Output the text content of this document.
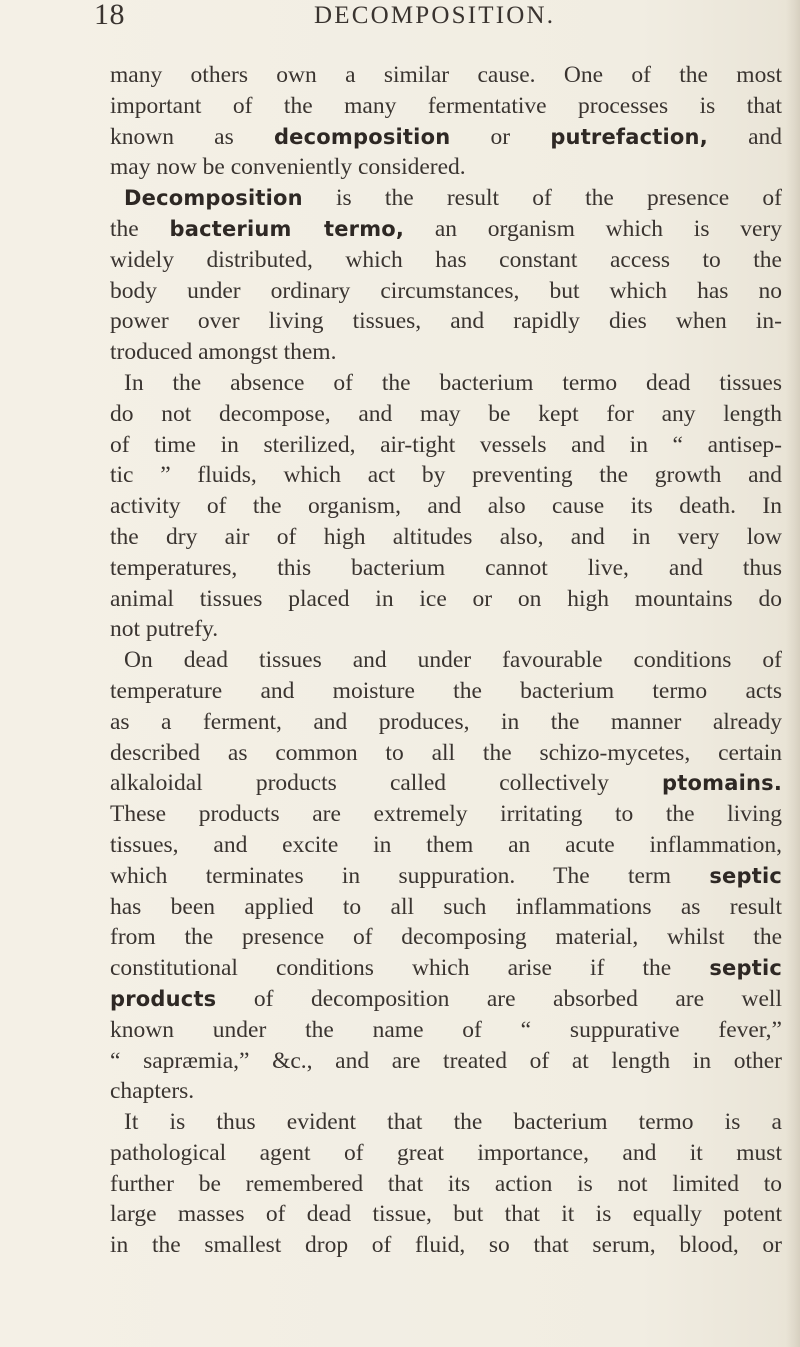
18	DECOMPOSITION.
many others own a similar cause. One of the most
important of the many fermentative processes is that
known as decomposition or putrefaction, and
may now be conveniently considered.
Decomposition is the result of the presence of
the bacterium termo, an organism which is very
widely distributed, which has constant access to the
body under ordinary circumstances, but which has no
power over living tissues, and rapidly dies when in-
troduced amongst them.
In the absence of the bacterium termo dead tissues
do not decompose, and may be kept for any length
of time in sterilized, air-tight vessels and in “ antisep-
tic ” fluids, which act by preventing the growth and
activity of the organism, and also cause its death. In
the dry air of high altitudes also, and in very low
temperatures, this bacterium cannot live, and thus
animal tissues placed in ice or on high mountains do
not putrefy.
On dead tissues and under favourable conditions of
temperature and moisture the bacterium termo acts
as a ferment, and produces, in the manner already
described as common to all the schizo-mycetes, certain
alkaloidal products called collectively ptomains.
These products are extremely irritating to the living
tissues, and excite in them an acute inflammation,
which terminates in suppuration. The term septic
has been applied to all such inflammations as result
from the presence of decomposing material, whilst the
constitutional conditions which arise if the septic
products of decomposition are absorbed are well
known under the name of “ suppurative fever,”
“ sapræmia,” &c., and are treated of at length in other
chapters.
It is thus evident that the bacterium termo is a
pathological agent of great importance, and it must
further be remembered that its action is not limited to
large masses of dead tissue, but that it is equally potent
in the smallest drop of fluid, so that serum, blood, or
